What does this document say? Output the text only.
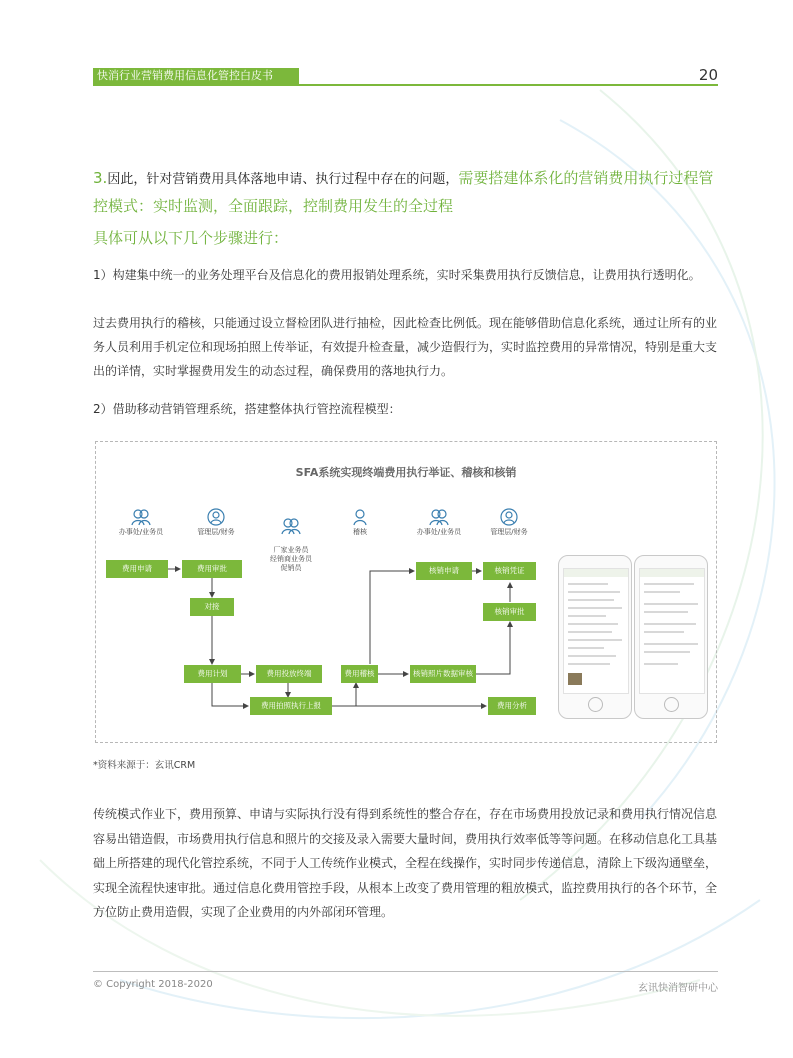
快消行业营销费用信息化管控白皮书	20
3.因此，针对营销费用具体落地申请、执行过程中存在的问题，需要搭建体系化的营销费用执行过程管控模式：实时监测，全面跟踪，控制费用发生的全过程
具体可从以下几个步骤进行：
1）构建集中统一的业务处理平台及信息化的费用报销处理系统，实时采集费用执行反馈信息，让费用执行透明化。
过去费用执行的稽核，只能通过设立督检团队进行抽检，因此检查比例低。现在能够借助信息化系统，通过让所有的业务人员利用手机定位和现场拍照上传举证，有效提升检查量，减少造假行为，实时监控费用的异常情况，特别是重大支出的详情，实时掌握费用发生的动态过程，确保费用的落地执行力。
2）借助移动营销管理系统，搭建整体执行管控流程模型：
SFA系统实现终端费用执行举证、稽核和核销
办事处/业务员	管理层/财务

厂家业务员
经销商业务员
促销员

稽核	办事处/业务员	管理层/财务
费用申请	费用审批
对接
费用计划	费用投放终端
费用拍照执行上报
费用稽核
核销申请	核销凭证
核销审批
核销照片数据审核
费用分析
*资料来源于：玄讯CRM
传统模式作业下，费用预算、申请与实际执行没有得到系统性的整合存在，存在市场费用投放记录和费用执行情况信息容易出错造假，市场费用执行信息和照片的交接及录入需要大量时间，费用执行效率低等等问题。在移动信息化工具基础上所搭建的现代化管控系统，不同于人工传统作业模式，全程在线操作，实时同步传递信息，清除上下级沟通壁垒，实现全流程快速审批。通过信息化费用管控手段，从根本上改变了费用管理的粗放模式，监控费用执行的各个环节，全方位防止费用造假，实现了企业费用的内外部闭环管理。
© Copyright 2018-2020	玄讯快消智研中心
